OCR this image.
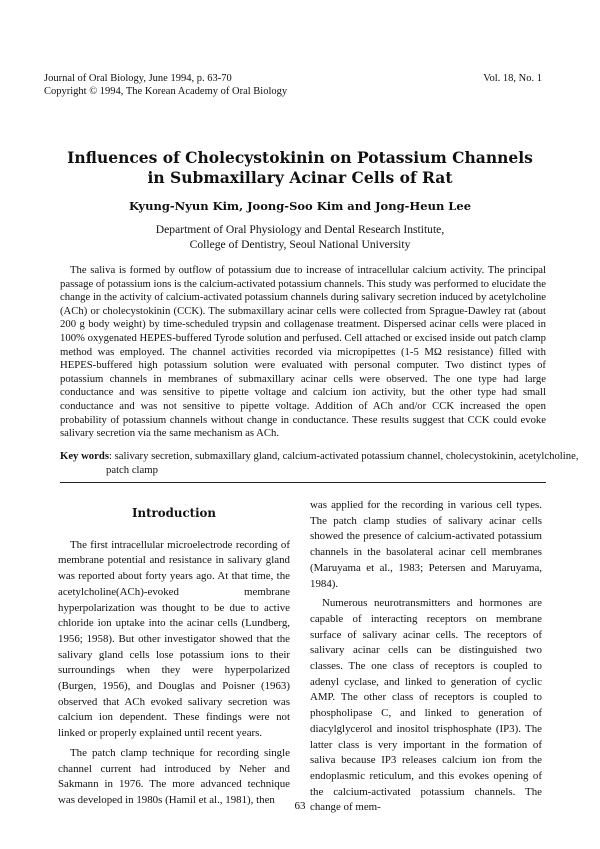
Journal of Oral Biology, June 1994, p. 63-70
Copyright © 1994, The Korean Academy of Oral Biology
Vol. 18, No. 1
Influences of Cholecystokinin on Potassium Channels
in Submaxillary Acinar Cells of Rat
Kyung-Nyun Kim, Joong-Soo Kim and Jong-Heun Lee
Department of Oral Physiology and Dental Research Institute,
College of Dentistry, Seoul National University

The saliva is formed by outflow of potassium due to increase of intracellular calcium activity. The principal passage of potassium ions is the calcium-activated potassium channels. This study was performed to elucidate the change in the activity of calcium-activated potassium channels during salivary secretion induced by acetylcholine (ACh) or cholecystokinin (CCK). The submaxillary acinar cells were collected from Sprague-Dawley rat (about 200 g body weight) by time-scheduled trypsin and collagenase treatment. Dispersed acinar cells were placed in 100% oxygenated HEPES-buffered Tyrode solution and perfused. Cell attached or excised inside out patch clamp method was employed. The channel activities recorded via micropipettes (1-5 MΩ resistance) filled with HEPES-buffered high potassium solution were evaluated with personal computer. Two distinct types of potassium channels in membranes of submaxillary acinar cells were observed. The one type had large conductance and was sensitive to pipette voltage and calcium ion activity, but the other type had small conductance and was not sensitive to pipette voltage. Addition of ACh and/or CCK increased the open probability of potassium channels without change in conductance. These results suggest that CCK could evoke salivary secretion via the same mechanism as ACh.

Key words: salivary secretion, submaxillary gland, calcium-activated potassium channel, cholecystokinin, acetylcholine, patch clamp

Introduction

The first intracellular microelectrode recording of membrane potential and resistance in salivary gland was reported about forty years ago. At that time, the acetylcholine(ACh)-evoked membrane hyperpolarization was thought to be due to active chloride ion uptake into the acinar cells (Lundberg, 1956; 1958). But other investigator showed that the salivary gland cells lose potassium ions to their surroundings when they were hyperpolarized (Burgen, 1956), and Douglas and Poisner (1963) observed that ACh evoked salivary secretion was calcium ion dependent. These findings were not linked or properly explained until recent years.

The patch clamp technique for recording single channel current had introduced by Neher and Sakmann in 1976. The more advanced technique was developed in 1980s (Hamil et al., 1981), then

was applied for the recording in various cell types. The patch clamp studies of salivary acinar cells showed the presence of calcium-activated potassium channels in the basolateral acinar cell membranes (Maruyama et al., 1983; Petersen and Maruyama, 1984).

Numerous neurotransmitters and hormones are capable of interacting receptors on membrane surface of salivary acinar cells. The receptors of salivary acinar cells can be distinguished two classes. The one class of receptors is coupled to adenyl cyclase, and linked to generation of cyclic AMP. The other class of receptors is coupled to phospholipase C, and linked to generation of diacylglycerol and inositol trisphosphate (IP3). The latter class is very important in the formation of saliva because IP3 releases calcium ion from the endoplasmic reticulum, and this evokes opening of the calcium-activated potassium channels. The change of mem-

63
